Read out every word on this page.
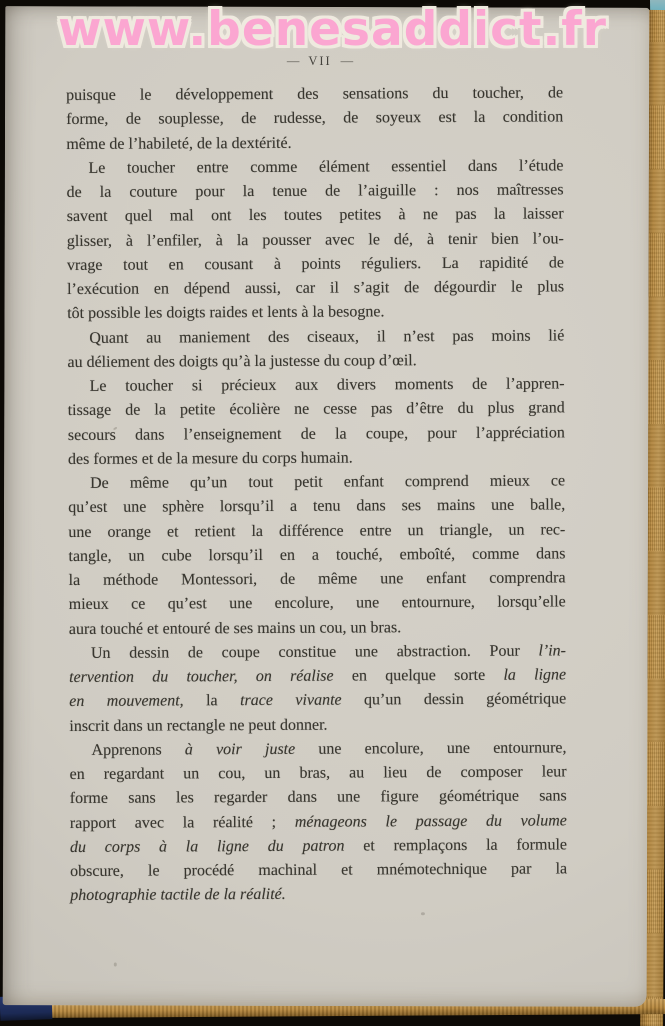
www.benesaddict.fr
— VII —
puisque le développement des sensations du toucher, de
forme, de souplesse, de rudesse, de soyeux est la condition
même de l’habileté, de la dextérité.
Le toucher entre comme élément essentiel dans l’étude
de la couture pour la tenue de l’aiguille : nos maîtresses
savent quel mal ont les toutes petites à ne pas la laisser
glisser, à l’enfiler, à la pousser avec le dé, à tenir bien l’ou-
vrage tout en cousant à points réguliers. La rapidité de
l’exécution en dépend aussi, car il s’agit de dégourdir le plus
tôt possible les doigts raides et lents à la besogne.
Quant au maniement des ciseaux, il n’est pas moins lié
au déliement des doigts qu’à la justesse du coup d’œil.
Le toucher si précieux aux divers moments de l’appren-
tissage de la petite écolière ne cesse pas d’être du plus grand
secours dans l’enseignement de la coupe, pour l’appréciation
des formes et de la mesure du corps humain.
De même qu’un tout petit enfant comprend mieux ce
qu’est une sphère lorsqu’il a tenu dans ses mains une balle,
une orange et retient la différence entre un triangle, un rec-
tangle, un cube lorsqu’il en a touché, emboîté, comme dans
la méthode Montessori, de même une enfant comprendra
mieux ce qu’est une encolure, une entournure, lorsqu’elle
aura touché et entouré de ses mains un cou, un bras.
Un dessin de coupe constitue une abstraction. Pour l’in-
tervention du toucher, on réalise en quelque sorte la ligne
en mouvement, la trace vivante qu’un dessin géométrique
inscrit dans un rectangle ne peut donner.
Apprenons à voir juste une encolure, une entournure,
en regardant un cou, un bras, au lieu de composer leur
forme sans les regarder dans une figure géométrique sans
rapport avec la réalité ; ménageons le passage du volume
du corps à la ligne du patron et remplaçons la formule
obscure, le procédé machinal et mnémotechnique par la
photographie tactile de la réalité.
